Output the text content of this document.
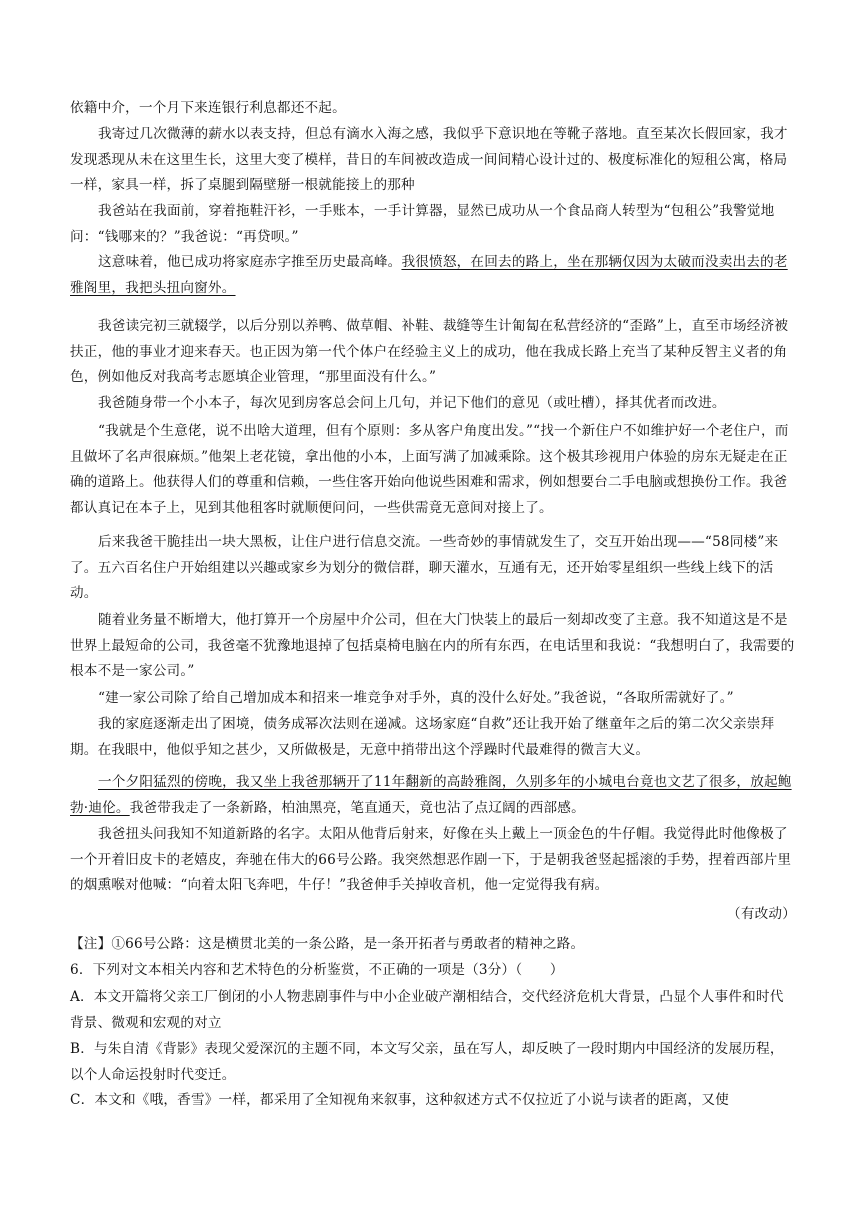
依籍中介，一个月下来连银行利息都还不起。

我寄过几次微薄的薪水以表支持，但总有滴水入海之感，我似乎下意识地在等靴子落地。直至某次长假回家，我才发现悉现从未在这里生长，这里大变了模样，昔日的车间被改造成一间间精心设计过的、极度标准化的短租公寓，格局一样，家具一样，拆了桌腿到隔壁掰一根就能接上的那种

我爸站在我面前，穿着拖鞋汗衫，一手账本，一手计算器，显然已成功从一个食品商人转型为“包租公”我警觉地问：“钱哪来的？”我爸说：“再贷呗。”

这意味着，他已成功将家庭赤字推至历史最高峰。我很愤怒，在回去的路上，坐在那辆仅因为太破而没卖出去的老雅阁里，我把头扭向窗外。

我爸读完初三就辍学，以后分别以养鸭、做草帽、补鞋、裁缝等生计匍匐在私营经济的“歪路”上，直至市场经济被扶正，他的事业才迎来春天。也正因为第一代个体户在经验主义上的成功，他在我成长路上充当了某种反智主义者的角色，例如他反对我高考志愿填企业管理，“那里面没有什么。”

我爸随身带一个小本子，每次见到房客总会问上几句，并记下他们的意见（或吐槽），择其优者而改进。

“我就是个生意佬，说不出啥大道理，但有个原则：多从客户角度出发。”“找一个新住户不如维护好一个老住户，而且做坏了名声很麻烦。”他架上老花镜，拿出他的小本，上面写满了加减乘除。这个极其珍视用户体验的房东无疑走在正确的道路上。他获得人们的尊重和信赖，一些住客开始向他说些困难和需求，例如想要台二手电脑或想换份工作。我爸都认真记在本子上，见到其他租客时就顺便问问，一些供需竟无意间对接上了。

后来我爸干脆挂出一块大黑板，让住户进行信息交流。一些奇妙的事情就发生了，交互开始出现——“58同楼”来了。五六百名住户开始组建以兴趣或家乡为划分的微信群，聊天灌水，互通有无，还开始零星组织一些线上线下的活动。

随着业务量不断增大，他打算开一个房屋中介公司，但在大门快装上的最后一刻却改变了主意。我不知道这是不是世界上最短命的公司，我爸毫不犹豫地退掉了包括桌椅电脑在内的所有东西，在电话里和我说：“我想明白了，我需要的根本不是一家公司。”

“建一家公司除了给自己增加成本和招来一堆竞争对手外，真的没什么好处。”我爸说，“各取所需就好了。”

我的家庭逐渐走出了困境，债务成幂次法则在递减。这场家庭“自救”还让我开始了继童年之后的第二次父亲崇拜期。在我眼中，他似乎知之甚少，又所做极是，无意中捎带出这个浮躁时代最难得的微言大义。

一个夕阳猛烈的傍晚，我又坐上我爸那辆开了11年翻新的高龄雅阁，久别多年的小城电台竟也文艺了很多，放起鲍勃·迪伦。我爸带我走了一条新路，柏油黑亮，笔直通天，竟也沾了点辽阔的西部感。

我爸扭头问我知不知道新路的名字。太阳从他背后射来，好像在头上戴上一顶金色的牛仔帽。我觉得此时他像极了一个开着旧皮卡的老嬉皮，奔驰在伟大的66号公路。我突然想恶作剧一下，于是朝我爸竖起摇滚的手势，捏着西部片里的烟熏喉对他喊：“向着太阳飞奔吧，牛仔！”我爸伸手关掉收音机，他一定觉得我有病。

（有改动）

【注】①66号公路：这是横贯北美的一条公路，是一条开拓者与勇敢者的精神之路。

6．下列对文本相关内容和艺术特色的分析鉴赏，不正确的一项是（3分）（　　）

A．本文开篇将父亲工厂倒闭的小人物悲剧事件与中小企业破产潮相结合，交代经济危机大背景，凸显个人事件和时代背景、微观和宏观的对立

B．与朱自清《背影》表现父爱深沉的主题不同，本文写父亲，虽在写人，却反映了一段时期内中国经济的发展历程，以个人命运投射时代变迁。

C．本文和《哦，香雪》一样，都采用了全知视角来叙事，这种叙述方式不仅拉近了小说与读者的距离，又使
